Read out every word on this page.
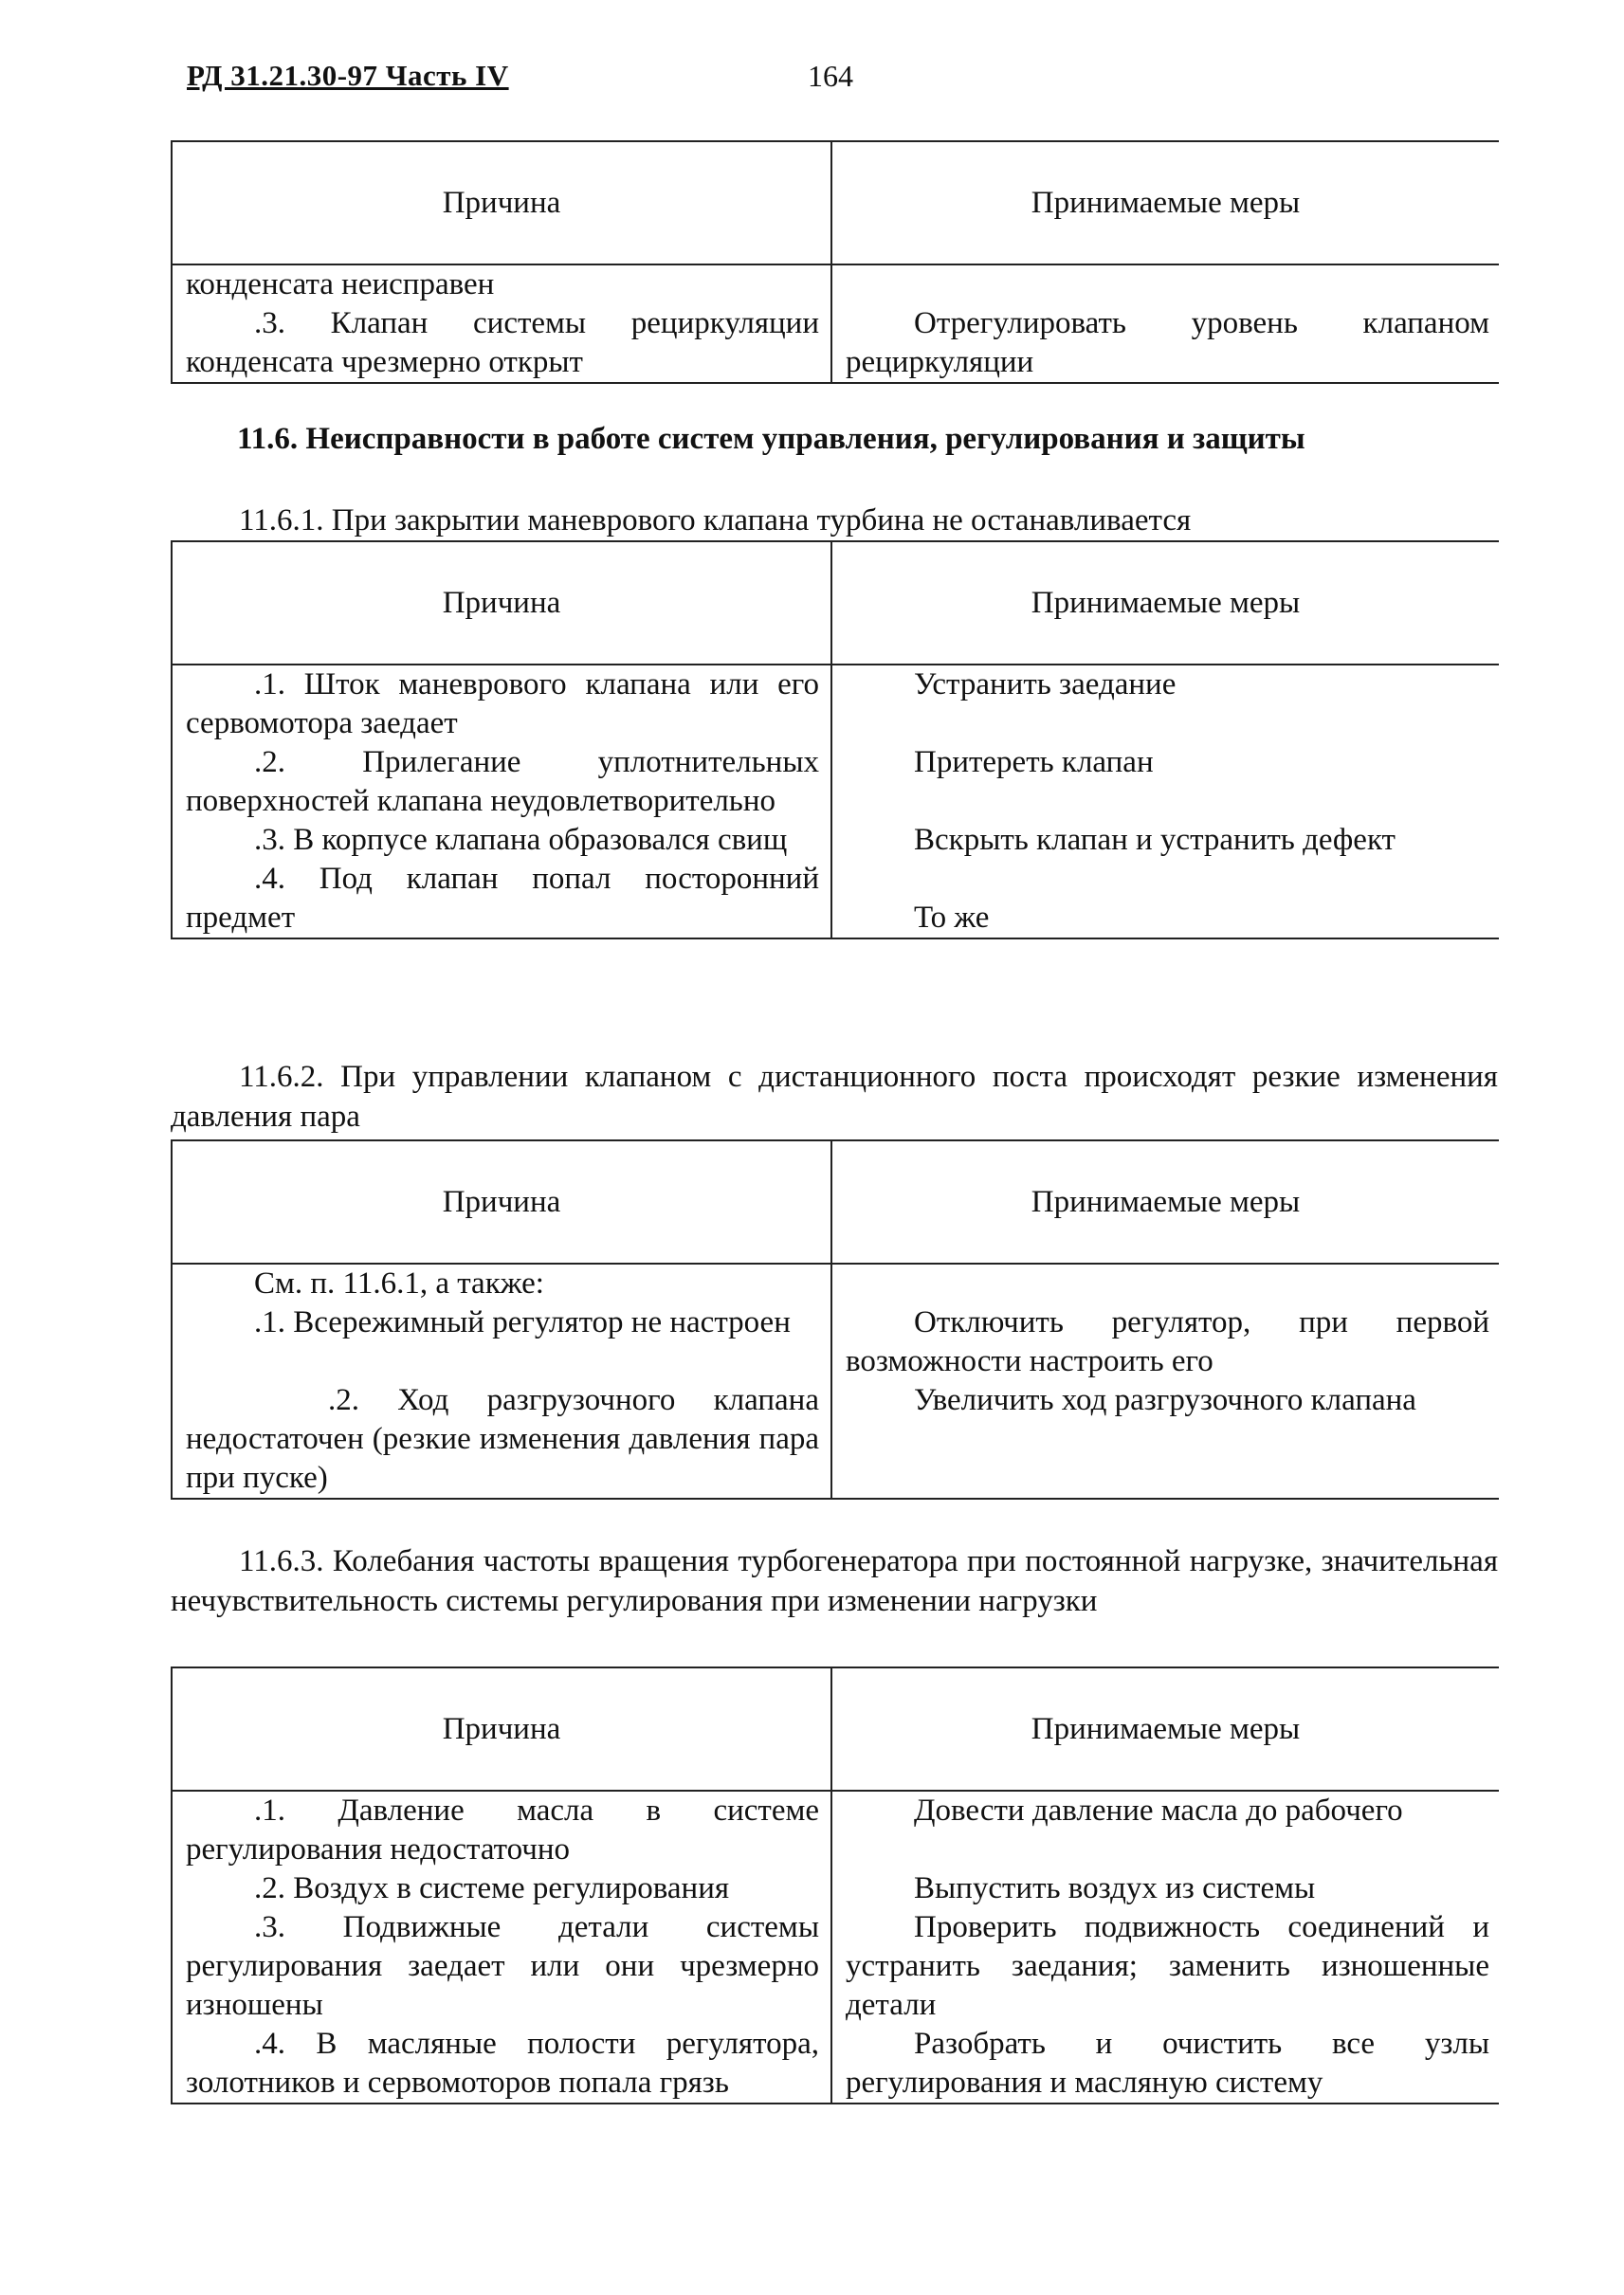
РД 31.21.30-97 Часть IV	164
Причина	Принимаемые меры
конденсата неисправен	
.3. Клапан системы рециркуляции конденсата чрезмерно открыт	Отрегулировать уровень клапаном рециркуляции
11.6. Неисправности в работе систем управления, регулирования и защиты
11.6.1. При закрытии маневрового клапана турбина не останавливается
Причина	Принимаемые меры
.1. Шток маневрового клапана или его сервомотора заедает	Устранить заедание
.2. Прилегание уплотнительных поверхностей клапана неудовлетворительно	Притереть клапан
.3. В корпусе клапана образовался свищ	Вскрыть клапан и устранить дефект
.4. Под клапан попал посторонний предмет	То же
11.6.2. При управлении клапаном с дистанционного поста происходят резкие изменения давления пара
Причина	Принимаемые меры
См. п. 11.6.1, а также:	
.1. Всережимный регулятор не настроен	Отключить регулятор, при первой возможности настроить его
.2. Ход разгрузочного клапана недостаточен (резкие изменения давления пара при пуске)	Увеличить ход разгрузочного клапана
11.6.3. Колебания частоты вращения турбогенератора при постоянной нагрузке, значительная нечувствительность системы регулирования при изменении нагрузки
Причина	Принимаемые меры
.1. Давление масла в системе регулирования недостаточно	Довести давление масла до рабочего
.2. Воздух в системе регулирования	Выпустить воздух из системы
.3. Подвижные детали системы регулирования заедает или они чрезмерно изношены	Проверить подвижность соединений и устранить заедания; заменить изношенные детали
.4. В масляные полости регулятора, золотников и сервомоторов попала грязь	Разобрать и очистить все узлы регулирования и масляную систему
